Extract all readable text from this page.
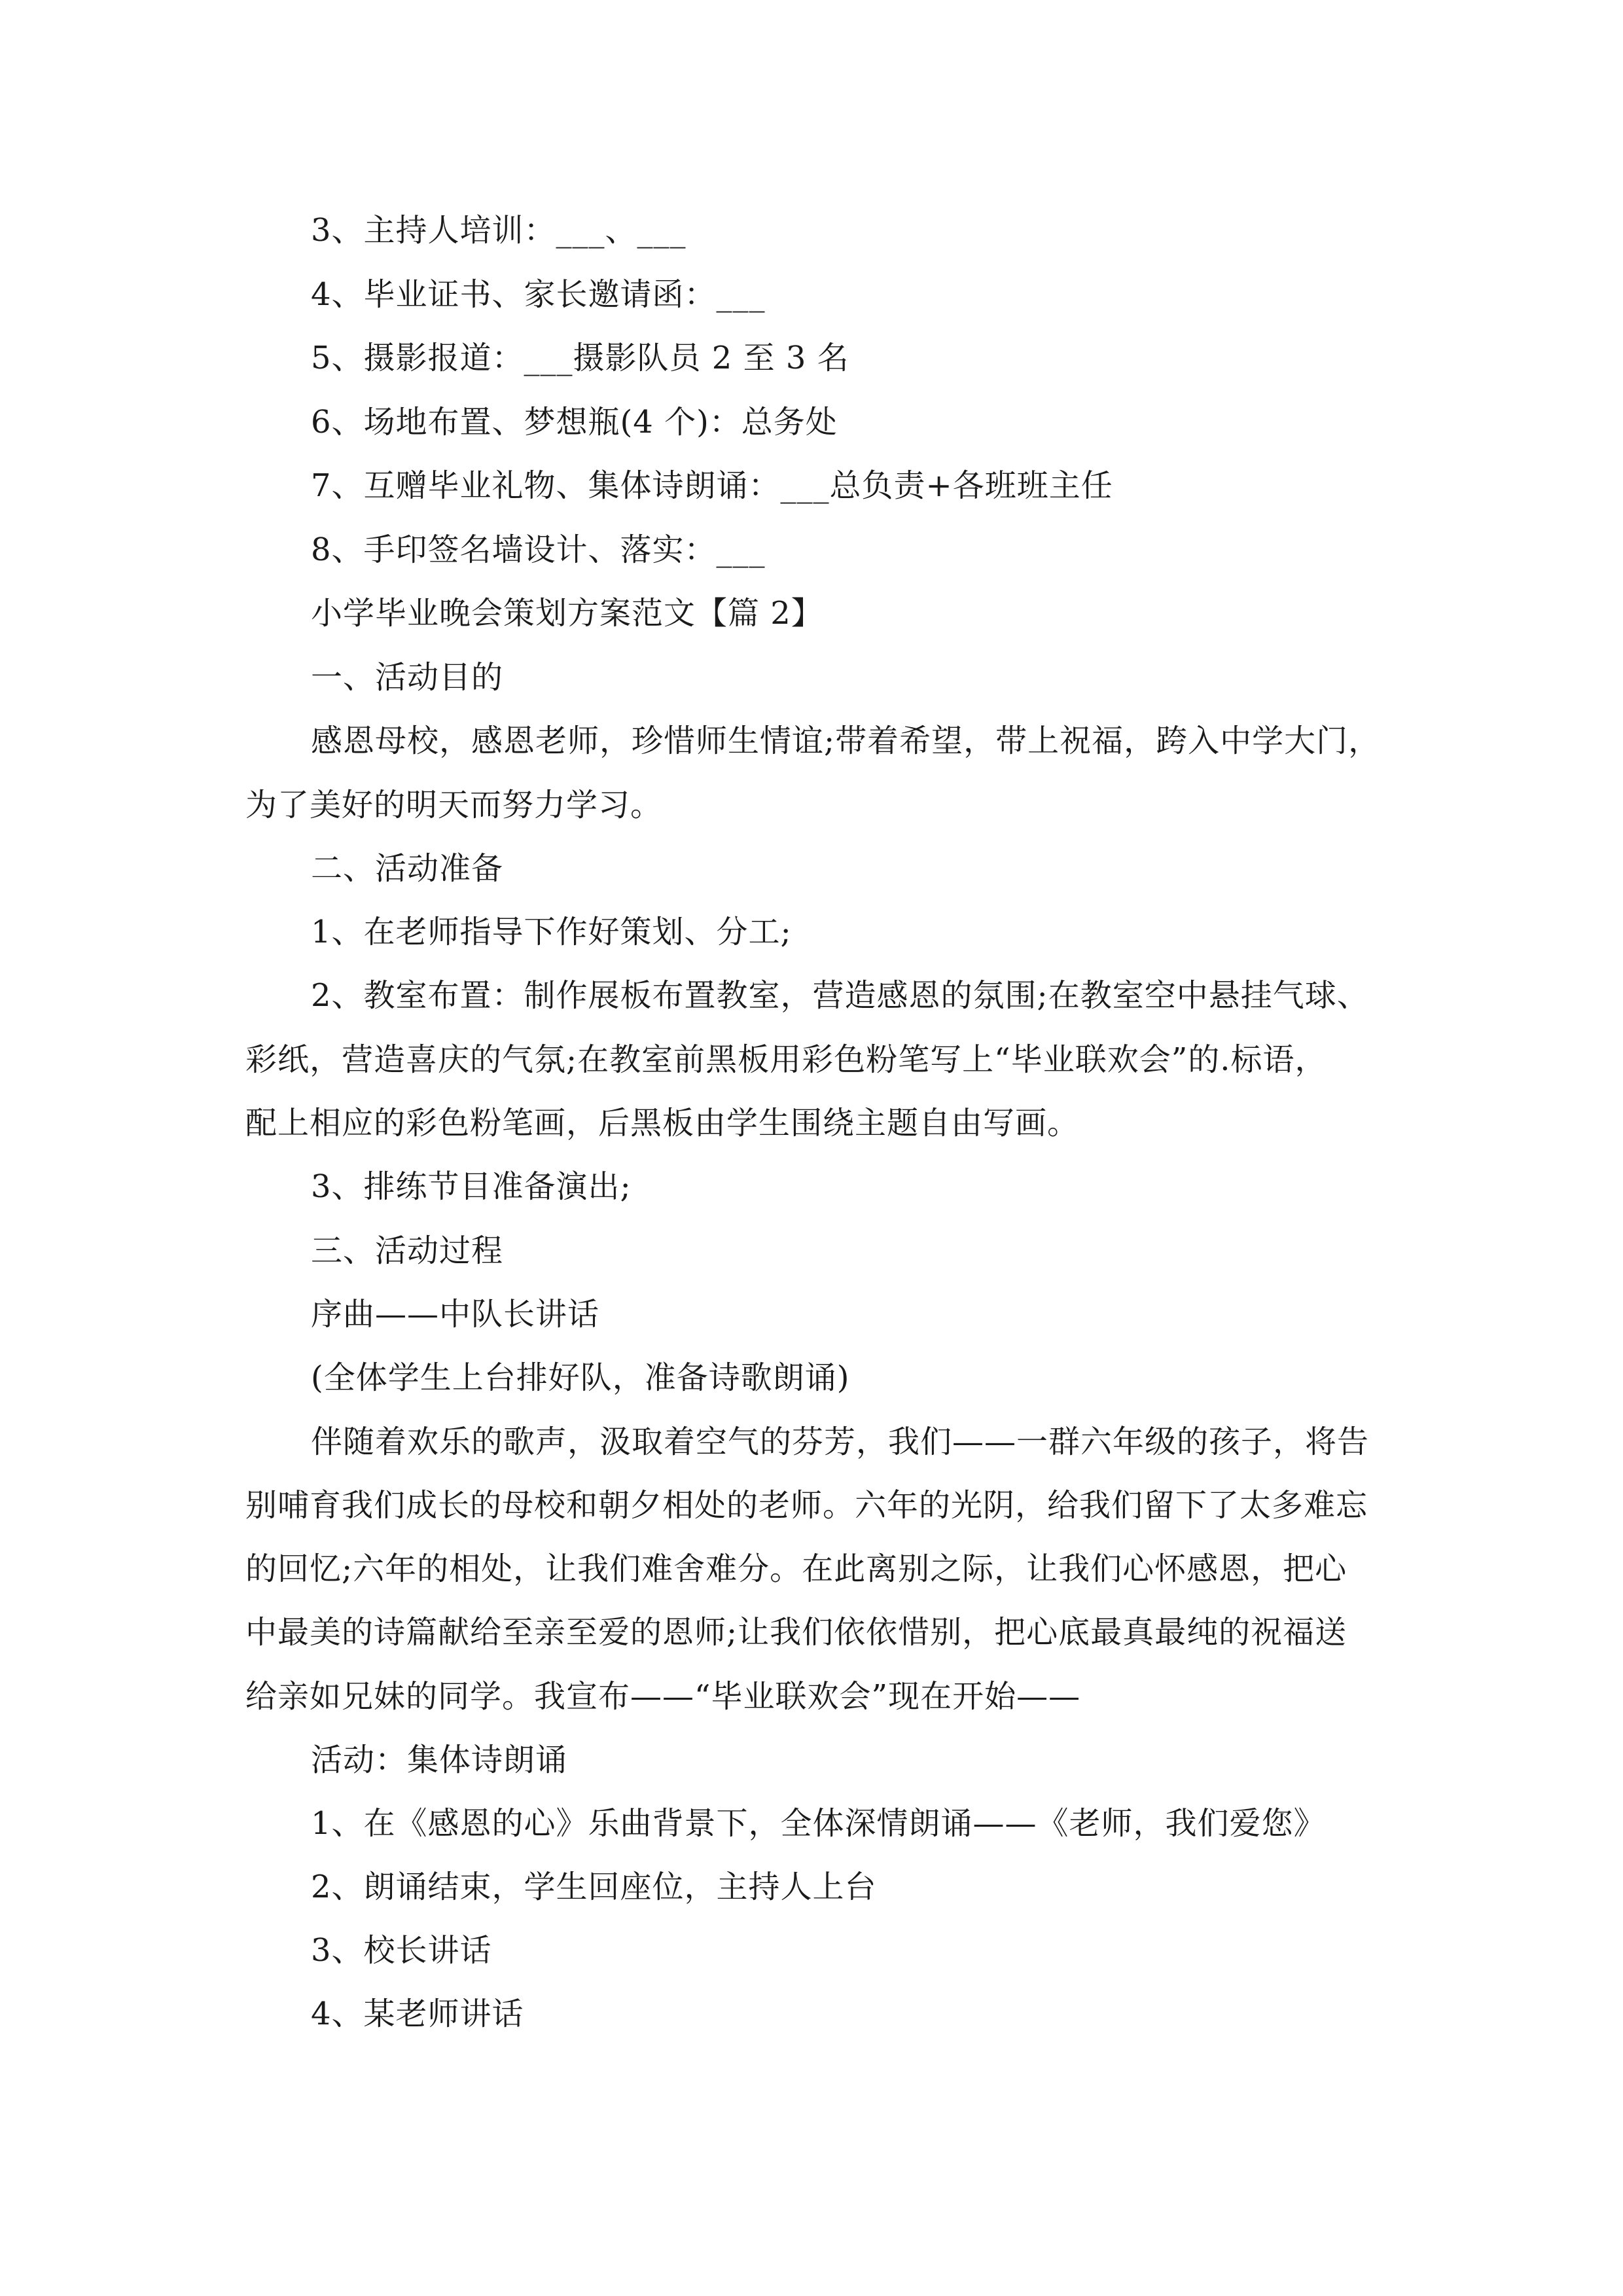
3、主持人培训：___、___
4、毕业证书、家长邀请函：___
5、摄影报道：___摄影队员 2 至 3 名
6、场地布置、梦想瓶(4 个)：总务处
7、互赠毕业礼物、集体诗朗诵：___总负责+各班班主任
8、手印签名墙设计、落实：___
小学毕业晚会策划方案范文【篇 2】
一、活动目的
感恩母校，感恩老师，珍惜师生情谊;带着希望，带上祝福，跨入中学大门，
为了美好的明天而努力学习。
二、活动准备
1、在老师指导下作好策划、分工;
2、教室布置：制作展板布置教室，营造感恩的氛围;在教室空中悬挂气球、
彩纸，营造喜庆的气氛;在教室前黑板用彩色粉笔写上“毕业联欢会”的.标语，
配上相应的彩色粉笔画，后黑板由学生围绕主题自由写画。
3、排练节目准备演出;
三、活动过程
序曲——中队长讲话
(全体学生上台排好队，准备诗歌朗诵)
伴随着欢乐的歌声，汲取着空气的芬芳，我们——一群六年级的孩子，将告
别哺育我们成长的母校和朝夕相处的老师。六年的光阴，给我们留下了太多难忘
的回忆;六年的相处，让我们难舍难分。在此离别之际，让我们心怀感恩，把心
中最美的诗篇献给至亲至爱的恩师;让我们依依惜别，把心底最真最纯的祝福送
给亲如兄妹的同学。我宣布——“毕业联欢会”现在开始——
活动：集体诗朗诵
1、在《感恩的心》乐曲背景下，全体深情朗诵——《老师，我们爱您》
2、朗诵结束，学生回座位，主持人上台
3、校长讲话
4、某老师讲话
